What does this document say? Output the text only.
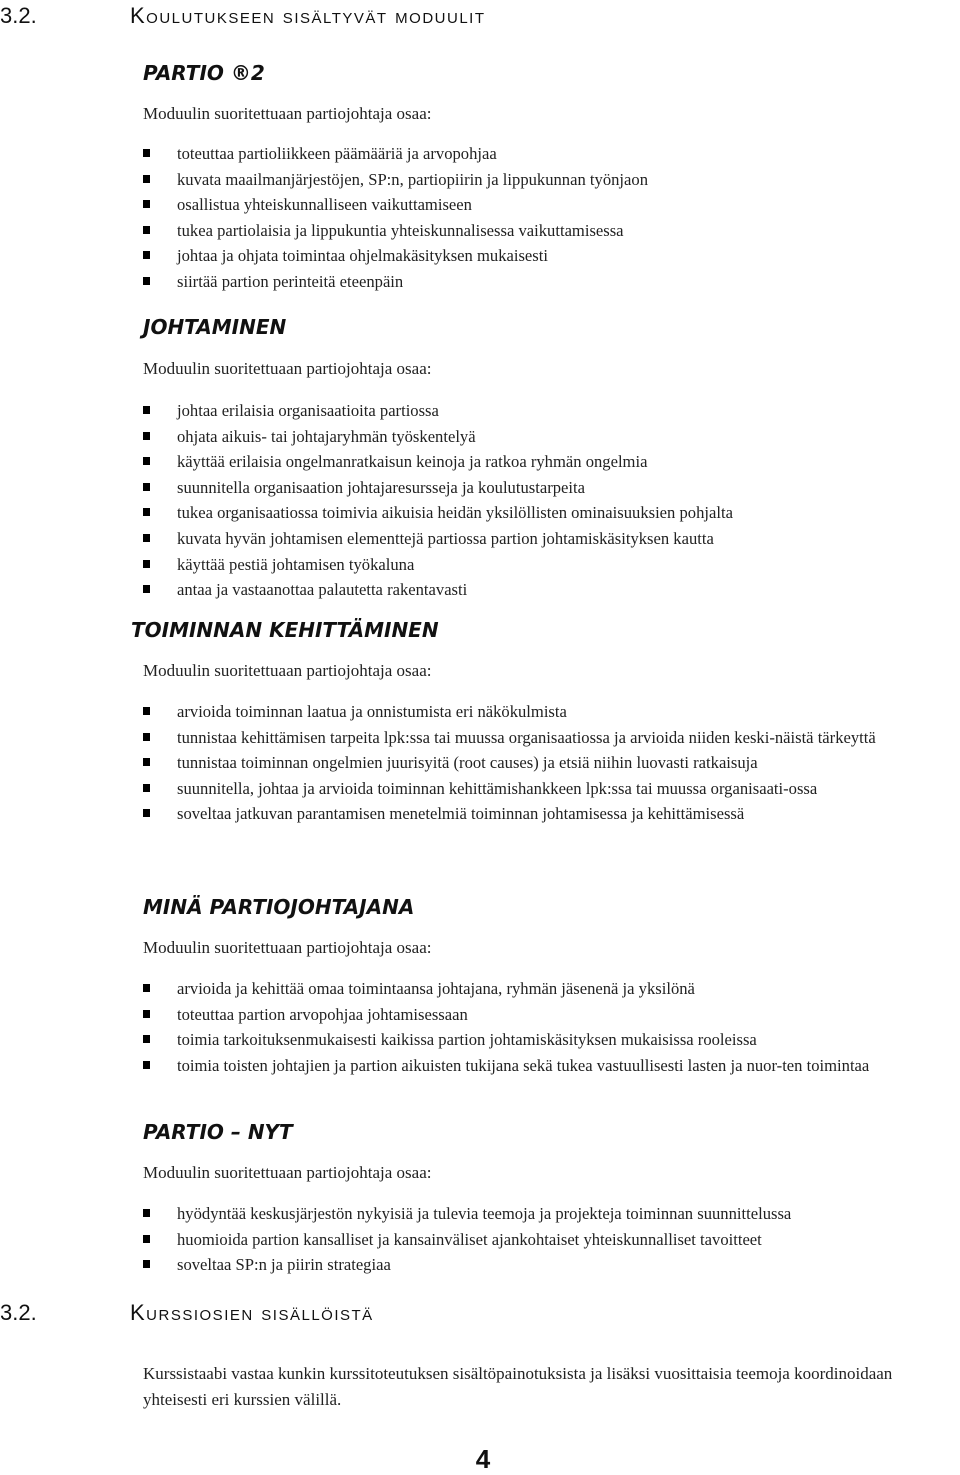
3.2.	Koulutukseen sisältyvät moduulit
PARTIO ®2

Moduulin suoritettuaan partiojohtaja osaa:

toteuttaa partioliikkeen päämääriä ja arvopohjaa
kuvata maailmanjärjestöjen, SP:n, partiopiirin ja lippukunnan työnjaon
osallistua yhteiskunnalliseen vaikuttamiseen
tukea partiolaisia ja lippukuntia yhteiskunnalisessa vaikuttamisessa
johtaa ja ohjata toimintaa ohjelmakäsityksen mukaisesti
siirtää partion perinteitä eteenpäin
JOHTAMINEN

Moduulin suoritettuaan partiojohtaja osaa:

johtaa erilaisia organisaatioita partiossa
ohjata aikuis- tai johtajaryhmän työskentelyä
käyttää erilaisia ongelmanratkaisun keinoja ja ratkoa ryhmän ongelmia
suunnitella organisaation johtajaresursseja ja koulutustarpeita
tukea organisaatiossa toimivia aikuisia heidän yksilöllisten ominaisuuksien pohjalta
kuvata hyvän johtamisen elementtejä partiossa partion johtamiskäsityksen kautta
käyttää pestiä johtamisen työkaluna
antaa ja vastaanottaa palautetta rakentavasti
TOIMINNAN KEHITTÄMINEN

Moduulin suoritettuaan partiojohtaja osaa:

arvioida toiminnan laatua ja onnistumista eri näkökulmista
tunnistaa kehittämisen tarpeita lpk:ssa tai muussa organisaatiossa ja arvioida niiden keski-näistä tärkeyttä
tunnistaa toiminnan ongelmien juurisyitä (root causes) ja etsiä niihin luovasti ratkaisuja
suunnitella, johtaa ja arvioida toiminnan kehittämishankkeen lpk:ssa tai muussa organisaati-ossa
soveltaa jatkuvan parantamisen menetelmiä toiminnan johtamisessa ja kehittämisessä
MINÄ PARTIOJOHTAJANA

Moduulin suoritettuaan partiojohtaja osaa:

arvioida ja kehittää omaa toimintaansa johtajana, ryhmän jäsenenä ja yksilönä
toteuttaa partion arvopohjaa johtamisessaan
toimia tarkoituksenmukaisesti kaikissa partion johtamiskäsityksen mukaisissa rooleissa
toimia toisten johtajien ja partion aikuisten tukijana sekä tukea vastuullisesti lasten ja nuor-ten toimintaa
PARTIO – NYT

Moduulin suoritettuaan partiojohtaja osaa:

hyödyntää keskusjärjestön nykyisiä ja tulevia teemoja ja projekteja toiminnan suunnittelussa
huomioida partion kansalliset ja kansainväliset ajankohtaiset yhteiskunnalliset tavoitteet
soveltaa SP:n ja piirin strategiaa
3.2.	Kurssiosien sisällöistä

Kurssistaabi vastaa kunkin kurssitoteutuksen sisältöpainotuksista ja lisäksi vuosittaisia teemoja koordinoidaan yhteisesti eri kurssien välillä.

4
